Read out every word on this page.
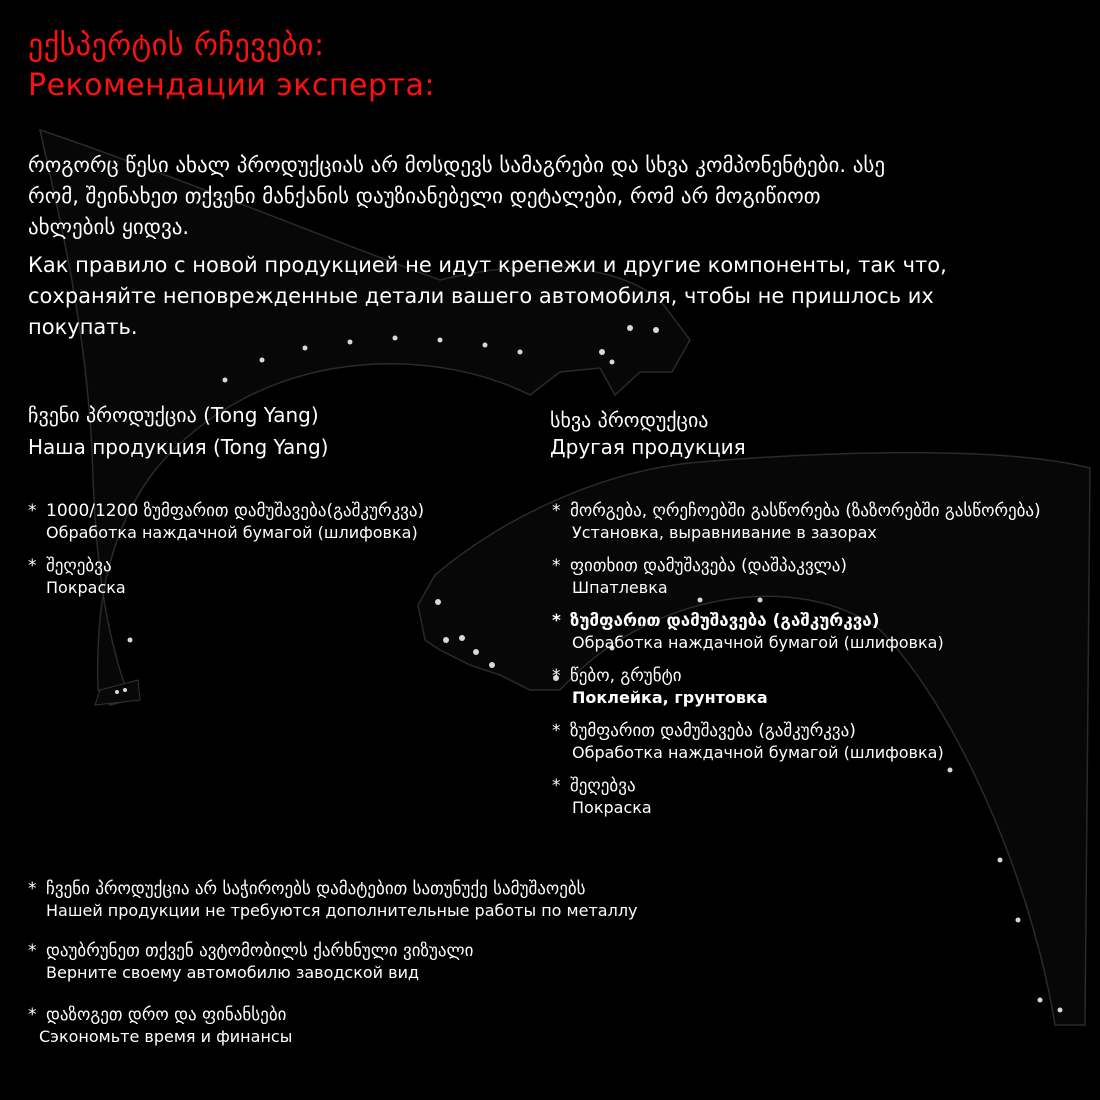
ექსპერტის რჩევები:
Рекомендации эксперта:
როგორც წესი ახალ პროდუქციას არ მოსდევს სამაგრები და სხვა კომპონენტები. ასე
რომ, შეინახეთ თქვენი მანქანის დაუზიანებელი დეტალები, რომ არ მოგიწიოთ
ახლების ყიდვა.
Как правило с новой продукцией не идут крепежи и другие компоненты, так что,
сохраняйте неповрежденные детали вашего автомобиля, чтобы не пришлось их
покупать.
ჩვენი პროდუქცია (Tong Yang)
Наша продукция (Tong Yang)
* 1000/1200 ზუმფარით დამუშავება(გაშკურკვა)
Обработка наждачной бумагой (шлифовка)
* შეღებვა
Покраска
სხვა პროდუქცია
Другая продукция
* მორგება, ღრეჩოებში გასწორება (ზაზორებში გასწორება)
Установка, выравнивание в зазорах
* ფითხით დამუშავება (დაშპაკვლა)
Шпатлевка
* ზუმფარით დამუშავება (გაშკურკვა)
Обработка наждачной бумагой (шлифовка)
* წებო, გრუნტი
Поклейка, грунтовка
* ზუმფარით დამუშავება (გაშკურკვა)
Обработка наждачной бумагой (шлифовка)
* შეღებვა
Покраска
* ჩვენი პროდუქცია არ საჭიროებს დამატებით სათუნუქე სამუშაოებს
Нашей продукции не требуются дополнительные работы по металлу
* დაუბრუნეთ თქვენ ავტომობილს ქარხნული ვიზუალი
Верните своему автомобилю заводской вид
* დაზოგეთ დრო და ფინანსები
Сэкономьте время и финансы
